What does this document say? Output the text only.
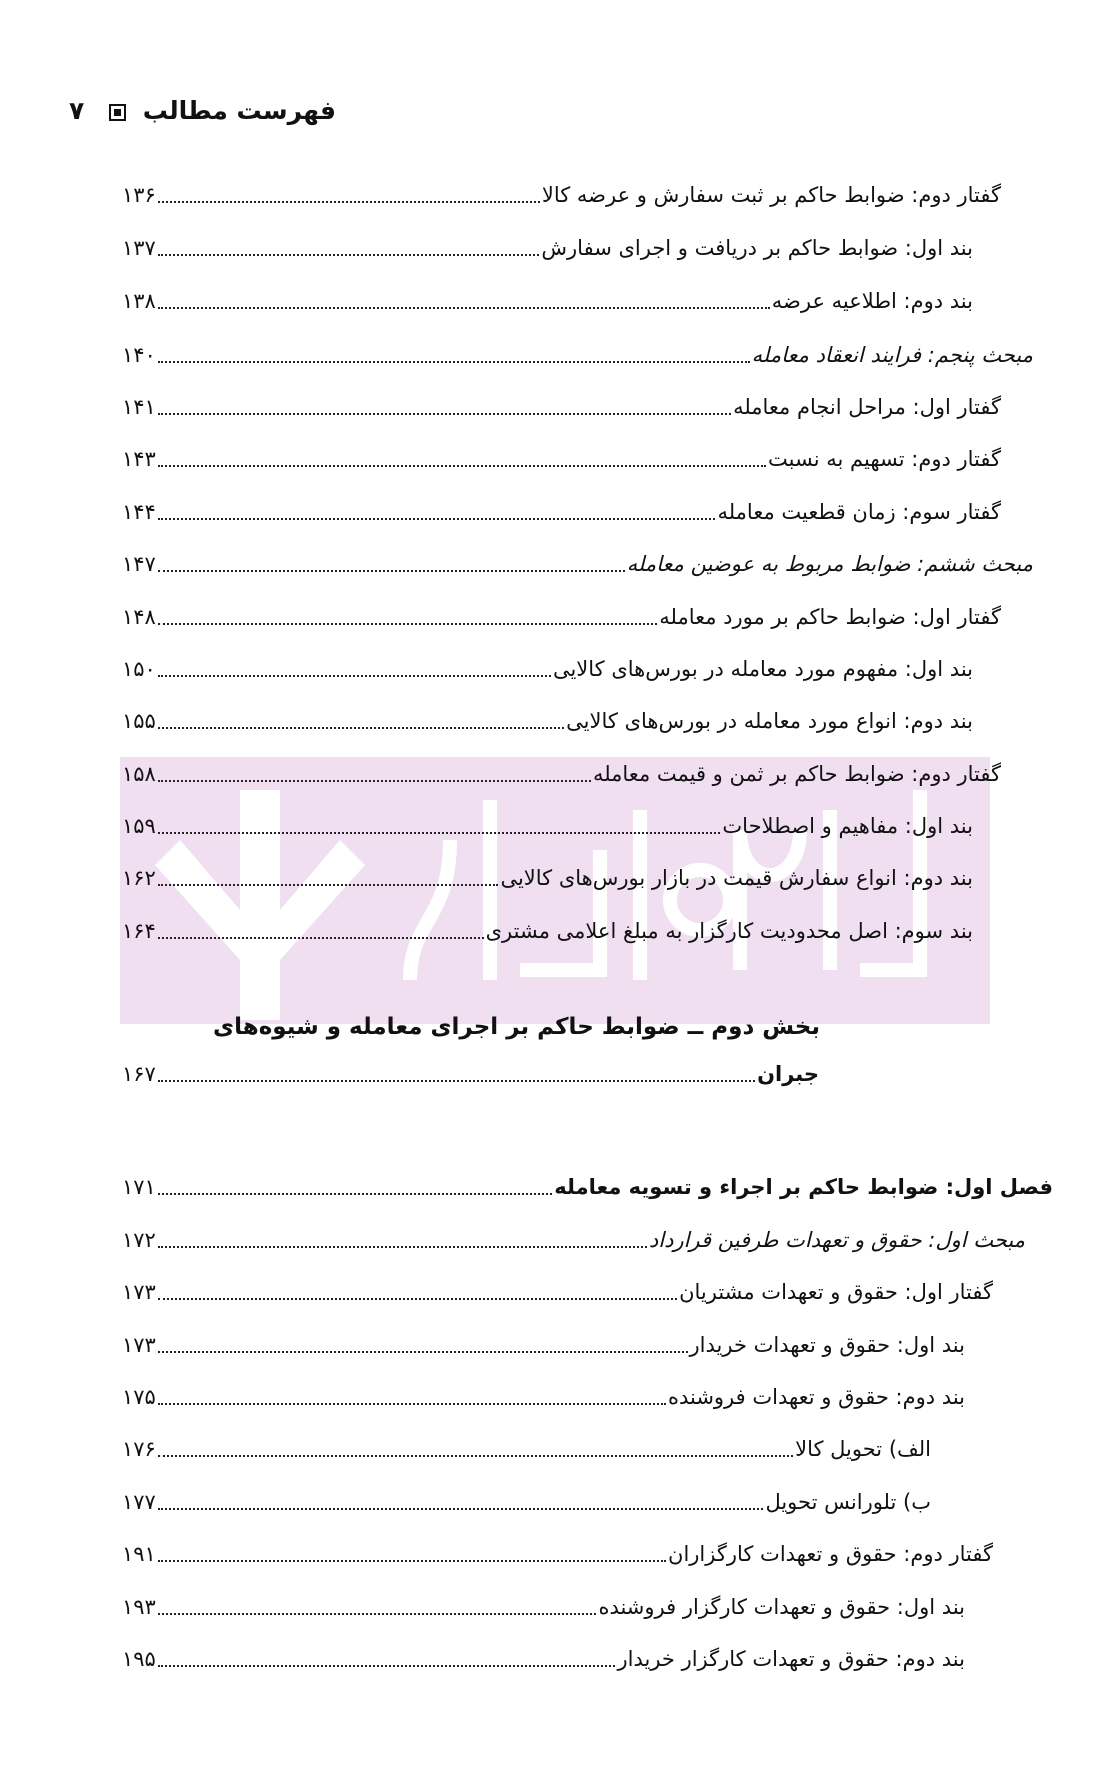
فهرست مطالب  ۷
گفتار دوم: ضوابط حاکم بر ثبت سفارش و عرضه کالا
۱۳۶
بند اول: ضوابط حاکم بر دریافت و اجرای سفارش
۱۳۷
بند دوم: اطلاعیه عرضه
۱۳۸
مبحث پنجم: فرایند انعقاد معامله
۱۴۰
گفتار اول: مراحل انجام معامله
۱۴۱
گفتار دوم: تسهیم به نسبت
۱۴۳
گفتار سوم: زمان قطعیت معامله
۱۴۴
مبحث ششم: ضوابط مربوط به عوضین معامله
۱۴۷
گفتار اول: ضوابط حاکم بر مورد معامله
۱۴۸
بند اول: مفهوم مورد معامله در بورس‌های کالایی
۱۵۰
بند دوم: انواع مورد معامله در بورس‌های کالایی
۱۵۵
گفتار دوم: ضوابط حاکم بر ثمن و قیمت معامله
۱۵۸
بند اول: مفاهیم و اصطلاحات
۱۵۹
بند دوم: انواع سفارش قیمت در بازار بورس‌های کالایی
۱۶۲
بند سوم: اصل محدودیت کارگزار به مبلغ اعلامی مشتری
۱۶۴
بخش دوم ــ ضوابط حاکم بر اجرای معامله و شیوه‌های
جبران
۱۶۷
فصل اول: ضوابط حاکم بر اجراء و تسویه معامله
۱۷۱
مبحث اول: حقوق و تعهدات طرفین قرارداد
۱۷۲
گفتار اول: حقوق و تعهدات مشتریان
۱۷۳
بند اول: حقوق و تعهدات خریدار
۱۷۳
بند دوم: حقوق و تعهدات فروشنده
۱۷۵
الف) تحویل کالا
۱۷۶
ب) تلورانس تحویل
۱۷۷
گفتار دوم: حقوق و تعهدات کارگزاران
۱۹۱
بند اول: حقوق و تعهدات کارگزار فروشنده
۱۹۳
بند دوم: حقوق و تعهدات کارگزار خریدار
۱۹۵
